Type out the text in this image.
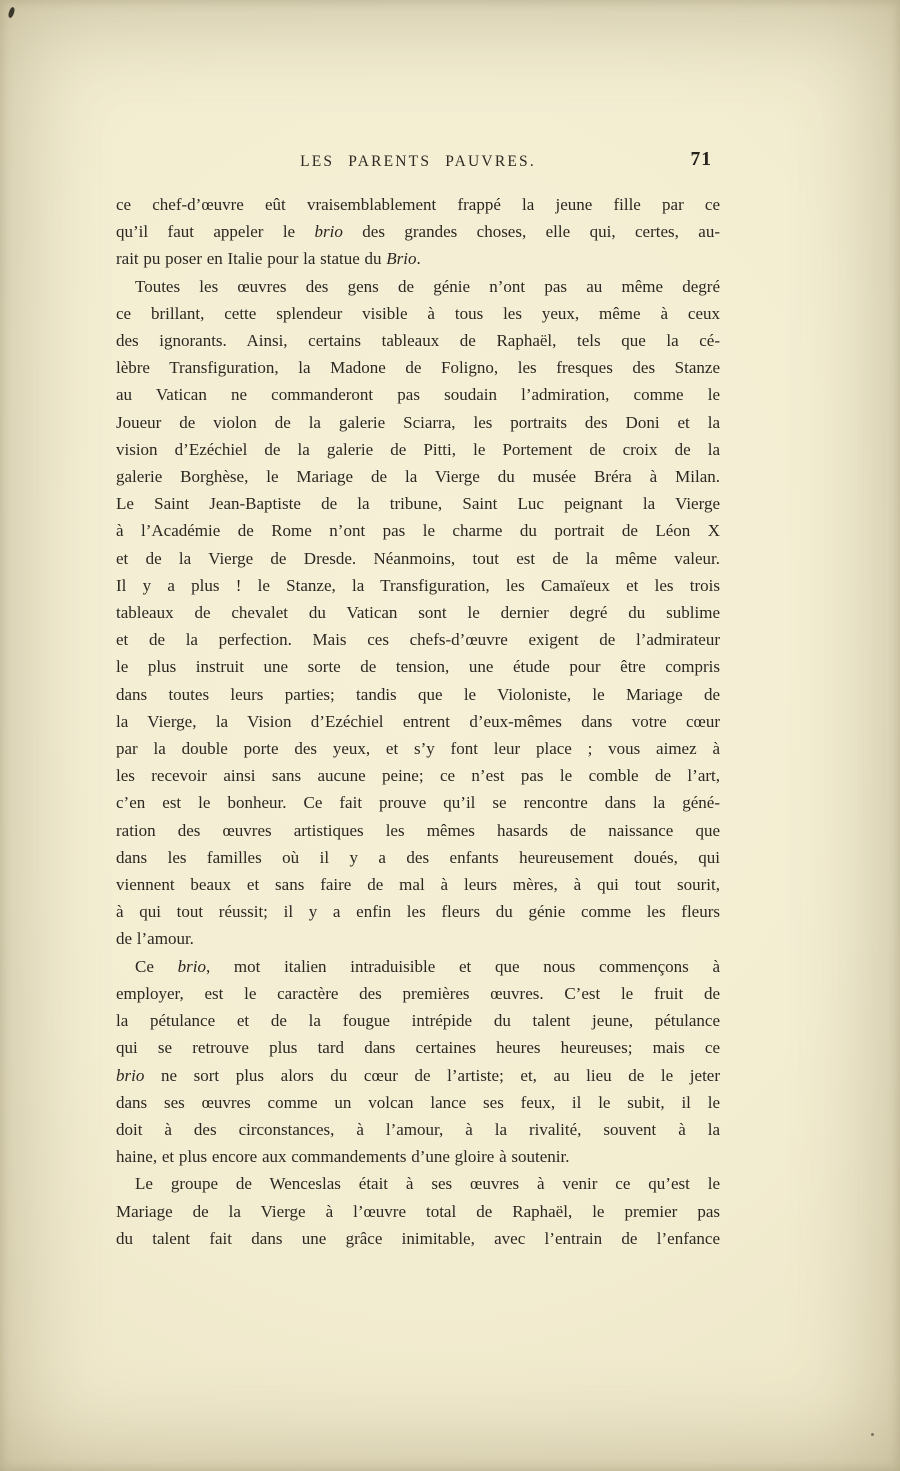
LES PARENTS PAUVRES.	71
ce chef-d’œuvre eût vraisemblablement frappé la jeune fille par ce
qu’il faut appeler le brio des grandes choses, elle qui, certes, au-
rait pu poser en Italie pour la statue du Brio.
Toutes les œuvres des gens de génie n’ont pas au même degré
ce brillant, cette splendeur visible à tous les yeux, même à ceux
des ignorants. Ainsi, certains tableaux de Raphaël, tels que la cé-
lèbre Transfiguration, la Madone de Foligno, les fresques des Stanze
au Vatican ne commanderont pas soudain l’admiration, comme le
Joueur de violon de la galerie Sciarra, les portraits des Doni et la
vision d’Ezéchiel de la galerie de Pitti, le Portement de croix de la
galerie Borghèse, le Mariage de la Vierge du musée Bréra à Milan.
Le Saint Jean-Baptiste de la tribune, Saint Luc peignant la Vierge
à l’Académie de Rome n’ont pas le charme du portrait de Léon X
et de la Vierge de Dresde. Néanmoins, tout est de la même valeur.
Il y a plus ! le Stanze, la Transfiguration, les Camaïeux et les trois
tableaux de chevalet du Vatican sont le dernier degré du sublime
et de la perfection. Mais ces chefs-d’œuvre exigent de l’admirateur
le plus instruit une sorte de tension, une étude pour être compris
dans toutes leurs parties; tandis que le Violoniste, le Mariage de
la Vierge, la Vision d’Ezéchiel entrent d’eux-mêmes dans votre cœur
par la double porte des yeux, et s’y font leur place ; vous aimez à
les recevoir ainsi sans aucune peine; ce n’est pas le comble de l’art,
c’en est le bonheur. Ce fait prouve qu’il se rencontre dans la géné-
ration des œuvres artistiques les mêmes hasards de naissance que
dans les familles où il y a des enfants heureusement doués, qui
viennent beaux et sans faire de mal à leurs mères, à qui tout sourit,
à qui tout réussit; il y a enfin les fleurs du génie comme les fleurs
de l’amour.
Ce brio, mot italien intraduisible et que nous commençons à
employer, est le caractère des premières œuvres. C’est le fruit de
la pétulance et de la fougue intrépide du talent jeune, pétulance
qui se retrouve plus tard dans certaines heures heureuses; mais ce
brio ne sort plus alors du cœur de l’artiste; et, au lieu de le jeter
dans ses œuvres comme un volcan lance ses feux, il le subit, il le
doit à des circonstances, à l’amour, à la rivalité, souvent à la
haine, et plus encore aux commandements d’une gloire à soutenir.
Le groupe de Wenceslas était à ses œuvres à venir ce qu’est le
Mariage de la Vierge à l’œuvre total de Raphaël, le premier pas
du talent fait dans une grâce inimitable, avec l’entrain de l’enfance
